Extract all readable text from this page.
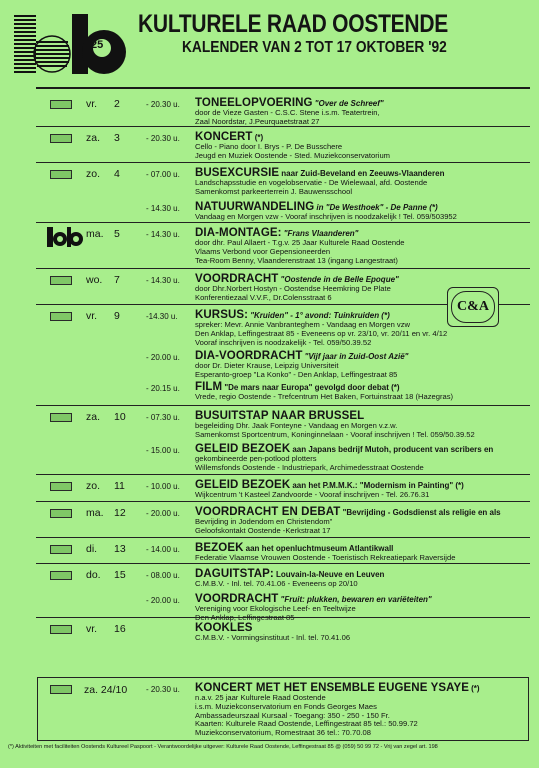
25
KULTURELE RAAD OOSTENDE
KALENDER VAN 2 TOT 17 OKTOBER '92
vr. 2	- 20.30 u. TONEELOPVOERING "Over de Schreef"
door de Vieze Gasten - C.S.C. Stene i.s.m. Teatertrein,
Zaal Noordstar, J.Peurquaetstraat 27
za. 3	- 20.30 u. KONCERT (*)
Cello - Piano door I. Brys - P. De Busschere
Jeugd en Muziek Oostende - Sted. Muziekconservatorium
zo. 4	- 07.00 u. BUSEXCURSIE naar Zuid-Beveland en Zeeuws-Vlaanderen
Landschapsstudie en vogelobservatie - De Wielewaal, afd. Oostende
Samenkomst parkeerterrein J. Bauwensschool
- 14.30 u. NATUURWANDELING in "De Westhoek" - De Panne (*)
Vandaag en Morgen vzw - Vooraf inschrijven is noodzakelijk ! Tel. 059/503952
ma. 5	- 14.30 u. DIA-MONTAGE: "Frans Vlaanderen"
door dhr. Paul Allaert - T.g.v. 25 Jaar Kulturele Raad Oostende
Vlaams Verbond voor Gepensioneerden
Tea-Room Benny, Vlaanderenstraat 13 (ingang Langestraat)
wo. 7	- 14.30 u. VOORDRACHT "Oostende in de Belle Epoque"
door Dhr.Norbert Hostyn - Oostendse Heemkring De Plate
Konferentiezaal V.V.F., Dr.Colensstraat 6
vr. 9	-14.30 u. KURSUS: "Kruiden" - 1° avond: Tuinkruiden (*)
spreker: Mevr. Annie Vanbranteghem - Vandaag en Morgen vzw
Den Anklap, Leffingestraat 85 - Eveneens op vr. 23/10, vr. 20/11 en vr. 4/12
Vooraf inschrijven is noodzakelijk - Tel. 059/50.39.52
- 20.00 u. DIA-VOORDRACHT "Vijf jaar in Zuid-Oost Azië"
door Dr. Dieter Krause, Leipzig Universiteit
Esperanto-groep "La Konko" - Den Anklap, Leffingestraat 85
- 20.15 u. FILM "De mars naar Europa" gevolgd door debat (*)
Vrede, regio Oostende - Trefcentrum Het Baken, Fortuinstraat 18 (Hazegras)
za. 10	- 07.30 u. BUSUITSTAP NAAR BRUSSEL
begeleiding Dhr. Jaak Fonteyne - Vandaag en Morgen v.z.w.
Samenkomst Sportcentrum, Koninginnelaan - Vooraf inschrijven ! Tel. 059/50.39.52
- 15.00 u. GELEID BEZOEK aan Japans bedrijf Mutoh, producent van scribers en
gekombineerde pen-potlood plotters
Willemsfonds Oostende - Industriepark, Archimedesstraat Oostende
zo. 11	- 10.00 u. GELEID BEZOEK aan het P.M.M.K.: "Modernism in Painting" (*)
Wijkcentrum 't Kasteel Zandvoorde - Vooraf inschrijven - Tel. 26.76.31
ma. 12	- 20.00 u. VOORDRACHT EN DEBAT "Bevrijding - Godsdienst als religie en als
Bevrijding in Jodendom en Christendom"
Geloofskontakt Oostende -Kerkstraat 17
di. 13	- 14.00 u. BEZOEK aan het openluchtmuseum Atlantikwall
Federatie Vlaamse Vrouwen Oostende - Toeristisch Rekreatiepark Raversijde
do. 15	- 08.00 u. DAGUITSTAP: Louvain-la-Neuve en Leuven
C.M.B.V. - Inl. tel. 70.41.06 - Eveneens op 20/10
- 20.00 u. VOORDRACHT "Fruit: plukken, bewaren en variëteiten"
Vereniging voor Ekologische Leef- en Teeltwijze
vr. 16	KOOKLES
C.M.B.V. - Vormingsinstituut - Inl. tel. 70.41.06
C&A
za. 24/10 - 20.30 u. KONCERT MET HET ENSEMBLE EUGENE YSAYE (*)
n.a.v. 25 jaar Kulturele Raad Oostende
i.s.m. Muziekconservatorium en Fonds Georges Maes
Ambassadeurszaal Kursaal - Toegang: 350 - 250 - 150 Fr.
Kaarten: Kulturele Raad Oostende, Leffingestraat 85 tel.: 50.99.72
Muziekconservatorium, Romestraat 36 tel.: 70.70.08
(*) Aktiviteiten met faciliteiten Oostends Kultureel Paspoort - Verantwoordelijke uitgever: Kulturele Raad Oostende, Leffingestraat 85 @ (059) 50 99 72 - Vrij van zegel art. 198
